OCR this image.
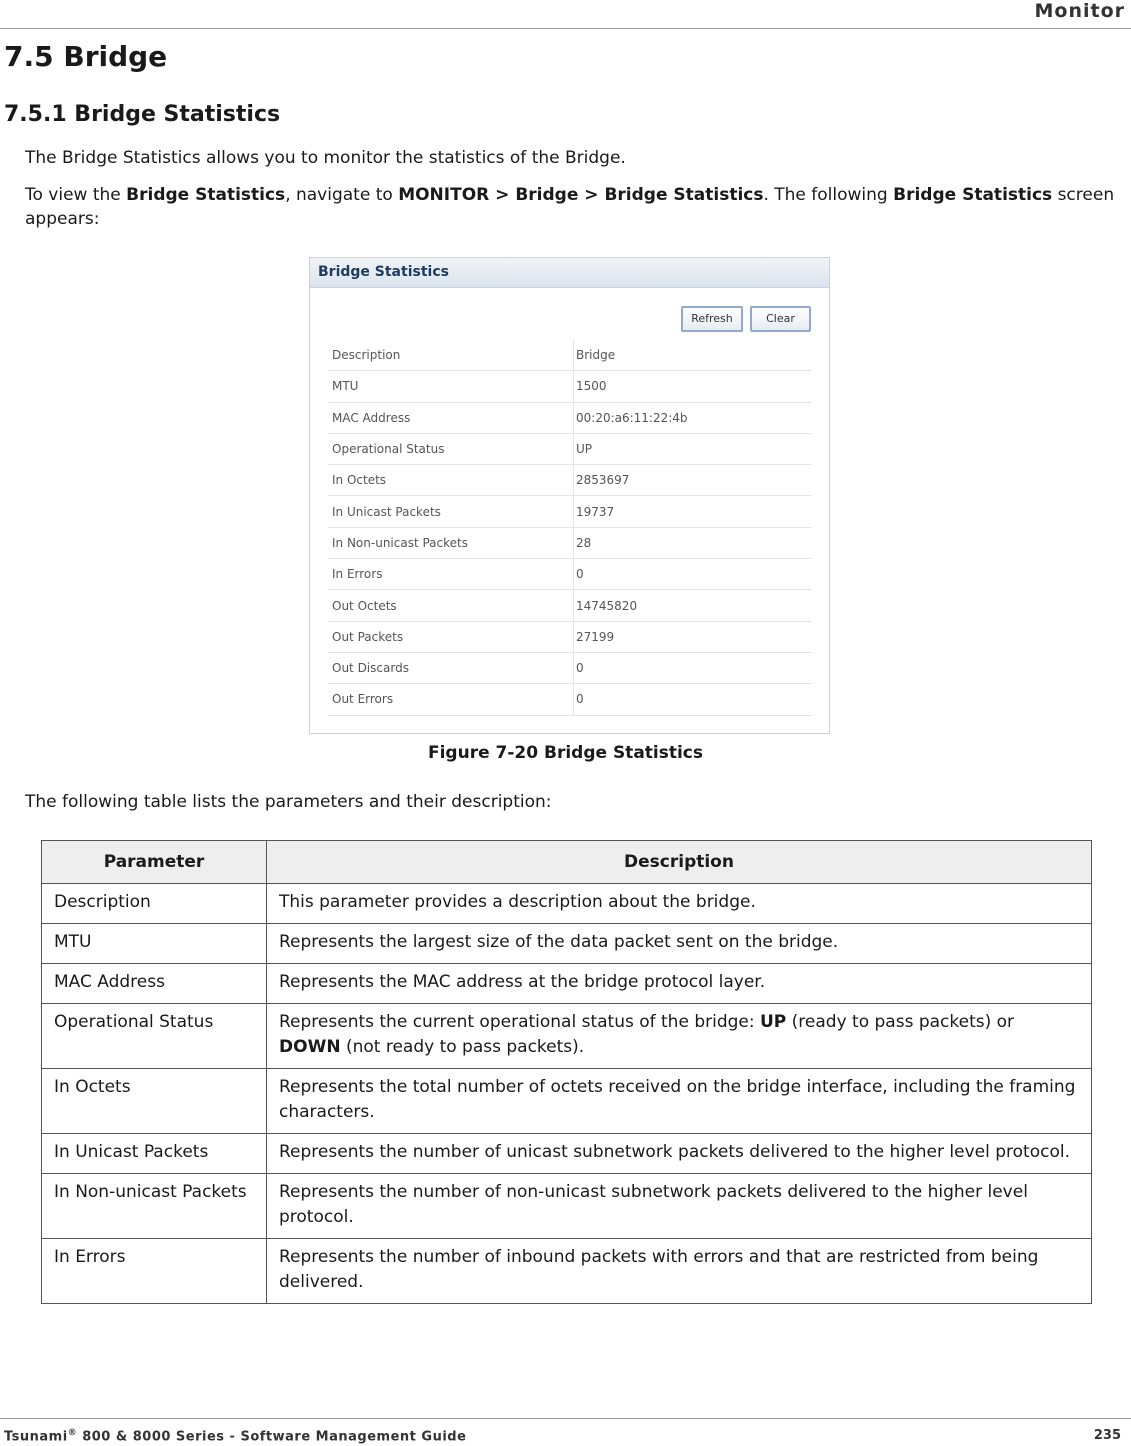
Monitor
7.5 Bridge
7.5.1 Bridge Statistics
The Bridge Statistics allows you to monitor the statistics of the Bridge.
To view the Bridge Statistics, navigate to MONITOR > Bridge > Bridge Statistics. The following Bridge Statistics screen appears:
Bridge Statistics
Refresh	Clear
Description	Bridge
MTU	1500
MAC Address	00:20:a6:11:22:4b
Operational Status	UP
In Octets	2853697
In Unicast Packets	19737
In Non-unicast Packets	28
In Errors	0
Out Octets	14745820
Out Packets	27199
Out Discards	0
Out Errors	0
Figure 7-20 Bridge Statistics
The following table lists the parameters and their description:
Parameter	Description
Description	This parameter provides a description about the bridge.
MTU	Represents the largest size of the data packet sent on the bridge.
MAC Address	Represents the MAC address at the bridge protocol layer.
Operational Status	Represents the current operational status of the bridge: UP (ready to pass packets) or DOWN (not ready to pass packets).
In Octets	Represents the total number of octets received on the bridge interface, including the framing characters.
In Unicast Packets	Represents the number of unicast subnetwork packets delivered to the higher level protocol.
In Non-unicast Packets	Represents the number of non-unicast subnetwork packets delivered to the higher level protocol.
In Errors	Represents the number of inbound packets with errors and that are restricted from being delivered.
Tsunami® 800 & 8000 Series - Software Management Guide	235
